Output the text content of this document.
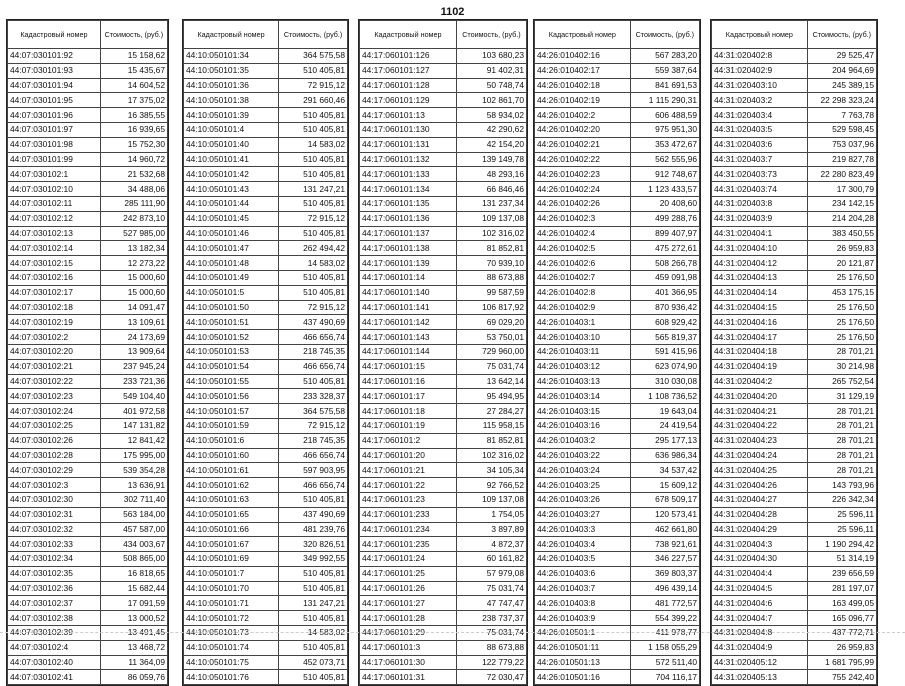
1102
Кадастровый номер	Стоимость, (руб.)
44:07:030101:92	15 158,62
44:07:030101:93	15 435,67
44:07:030101:94	14 604,52
44:07:030101:95	17 375,02
44:07:030101:96	16 385,55
44:07:030101:97	16 939,65
44:07:030101:98	15 752,30
44:07:030101:99	14 960,72
44:07:030102:1	21 532,68
44:07:030102:10	34 488,06
44:07:030102:11	285 111,90
44:07:030102:12	242 873,10
44:07:030102:13	527 985,00
44:07:030102:14	13 182,34
44:07:030102:15	12 273,22
44:07:030102:16	15 000,60
44:07:030102:17	15 000,60
44:07:030102:18	14 091,47
44:07:030102:19	13 109,61
44:07:030102:2	24 173,69
44:07:030102:20	13 909,64
44:07:030102:21	237 945,24
44:07:030102:22	233 721,36
44:07:030102:23	549 104,40
44:07:030102:24	401 972,58
44:07:030102:25	147 131,82
44:07:030102:26	12 841,42
44:07:030102:28	175 995,00
44:07:030102:29	539 354,28
44:07:030102:3	13 636,91
44:07:030102:30	302 711,40
44:07:030102:31	563 184,00
44:07:030102:32	457 587,00
44:07:030102:33	434 003,67
44:07:030102:34	508 865,00
44:07:030102:35	16 818,65
44:07:030102:36	15 682,44
44:07:030102:37	17 091,59
44:07:030102:38	13 000,52
44:07:030102:39	13 491,45
44:07:030102:4	13 468,72
44:07:030102:40	11 364,09
44:07:030102:41	86 059,76
Кадастровый номер	Стоимость, (руб.)
44:10:050101:34	364 575,58
44:10:050101:35	510 405,81
44:10:050101:36	72 915,12
44:10:050101:38	291 660,46
44:10:050101:39	510 405,81
44:10:050101:4	510 405,81
44:10:050101:40	14 583,02
44:10:050101:41	510 405,81
44:10:050101:42	510 405,81
44:10:050101:43	131 247,21
44:10:050101:44	510 405,81
44:10:050101:45	72 915,12
44:10:050101:46	510 405,81
44:10:050101:47	262 494,42
44:10:050101:48	14 583,02
44:10:050101:49	510 405,81
44:10:050101:5	510 405,81
44:10:050101:50	72 915,12
44:10:050101:51	437 490,69
44:10:050101:52	466 656,74
44:10:050101:53	218 745,35
44:10:050101:54	466 656,74
44:10:050101:55	510 405,81
44:10:050101:56	233 328,37
44:10:050101:57	364 575,58
44:10:050101:59	72 915,12
44:10:050101:6	218 745,35
44:10:050101:60	466 656,74
44:10:050101:61	597 903,95
44:10:050101:62	466 656,74
44:10:050101:63	510 405,81
44:10:050101:65	437 490,69
44:10:050101:66	481 239,76
44:10:050101:67	320 826,51
44:10:050101:69	349 992,55
44:10:050101:7	510 405,81
44:10:050101:70	510 405,81
44:10:050101:71	131 247,21
44:10:050101:72	510 405,81
44:10:050101:73	14 583,02
44:10:050101:74	510 405,81
44:10:050101:75	452 073,71
44:10:050101:76	510 405,81
Кадастровый номер	Стоимость, (руб.)
44:17:060101:126	103 680,23
44:17:060101:127	91 402,31
44:17:060101:128	50 748,74
44:17:060101:129	102 861,70
44:17:060101:13	58 934,02
44:17:060101:130	42 290,62
44:17:060101:131	42 154,20
44:17:060101:132	139 149,78
44:17:060101:133	48 293,16
44:17:060101:134	66 846,46
44:17:060101:135	131 237,34
44:17:060101:136	109 137,08
44:17:060101:137	102 316,02
44:17:060101:138	81 852,81
44:17:060101:139	70 939,10
44:17:060101:14	88 673,88
44:17:060101:140	99 587,59
44:17:060101:141	106 817,92
44:17:060101:142	69 029,20
44:17:060101:143	53 750,01
44:17:060101:144	729 960,00
44:17:060101:15	75 031,74
44:17:060101:16	13 642,14
44:17:060101:17	95 494,95
44:17:060101:18	27 284,27
44:17:060101:19	115 958,15
44:17:060101:2	81 852,81
44:17:060101:20	102 316,02
44:17:060101:21	34 105,34
44:17:060101:22	92 766,52
44:17:060101:23	109 137,08
44:17:060101:233	1 754,05
44:17:060101:234	3 897,89
44:17:060101:235	4 872,37
44:17:060101:24	60 161,82
44:17:060101:25	57 979,08
44:17:060101:26	75 031,74
44:17:060101:27	47 747,47
44:17:060101:28	238 737,37
44:17:060101:29	75 031,74
44:17:060101:3	88 673,88
44:17:060101:30	122 779,22
44:17:060101:31	72 030,47
Кадастровый номер	Стоимость, (руб.)
44:26:010402:16	567 283,20
44:26:010402:17	559 387,64
44:26:010402:18	841 691,53
44:26:010402:19	1 115 290,31
44:26:010402:2	606 488,59
44:26:010402:20	975 951,30
44:26:010402:21	353 472,67
44:26:010402:22	562 555,96
44:26:010402:23	912 748,67
44:26:010402:24	1 123 433,57
44:26:010402:26	20 408,60
44:26:010402:3	499 288,76
44:26:010402:4	899 407,97
44:26:010402:5	475 272,61
44:26:010402:6	508 266,78
44:26:010402:7	459 091,98
44:26:010402:8	401 366,95
44:26:010402:9	870 936,42
44:26:010403:1	608 929,42
44:26:010403:10	565 819,37
44:26:010403:11	591 415,96
44:26:010403:12	623 074,90
44:26:010403:13	310 030,08
44:26:010403:14	1 108 736,52
44:26:010403:15	19 643,04
44:26:010403:16	24 419,54
44:26:010403:2	295 177,13
44:26:010403:22	636 986,34
44:26:010403:24	34 537,42
44:26:010403:25	15 609,12
44:26:010403:26	678 509,17
44:26:010403:27	120 573,41
44:26:010403:3	462 661,80
44:26:010403:4	738 921,61
44:26:010403:5	346 227,57
44:26:010403:6	369 803,37
44:26:010403:7	496 439,14
44:26:010403:8	481 772,57
44:26:010403:9	554 399,22
44:26:010501:1	411 978,77
44:26:010501:11	1 158 055,29
44:26:010501:13	572 511,40
44:26:010501:16	704 116,17
Кадастровый номер	Стоимость, (руб.)
44:31:020402:8	29 525,47
44:31:020402:9	204 964,69
44:31:020403:10	245 389,15
44:31:020403:2	22 298 323,24
44:31:020403:4	7 763,78
44:31:020403:5	529 598,45
44:31:020403:6	753 037,96
44:31:020403:7	219 827,78
44:31:020403:73	22 280 823,49
44:31:020403:74	17 300,79
44:31:020403:8	234 142,15
44:31:020403:9	214 204,28
44:31:020404:1	383 450,55
44:31:020404:10	26 959,83
44:31:020404:12	20 121,87
44:31:020404:13	25 176,50
44:31:020404:14	453 175,15
44:31:020404:15	25 176,50
44:31:020404:16	25 176,50
44:31:020404:17	25 176,50
44:31:020404:18	28 701,21
44:31:020404:19	30 214,98
44:31:020404:2	265 752,54
44:31:020404:20	31 129,19
44:31:020404:21	28 701,21
44:31:020404:22	28 701,21
44:31:020404:23	28 701,21
44:31:020404:24	28 701,21
44:31:020404:25	28 701,21
44:31:020404:26	143 793,96
44:31:020404:27	226 342,34
44:31:020404:28	25 596,11
44:31:020404:29	25 596,11
44:31:020404:3	1 190 294,42
44:31:020404:30	51 314,19
44:31:020404:4	239 656,59
44:31:020404:5	281 197,07
44:31:020404:6	163 499,05
44:31:020404:7	165 096,77
44:31:020404:8	437 772,71
44:31:020404:9	26 959,83
44:31:020405:12	1 681 795,99
44:31:020405:13	755 242,40
